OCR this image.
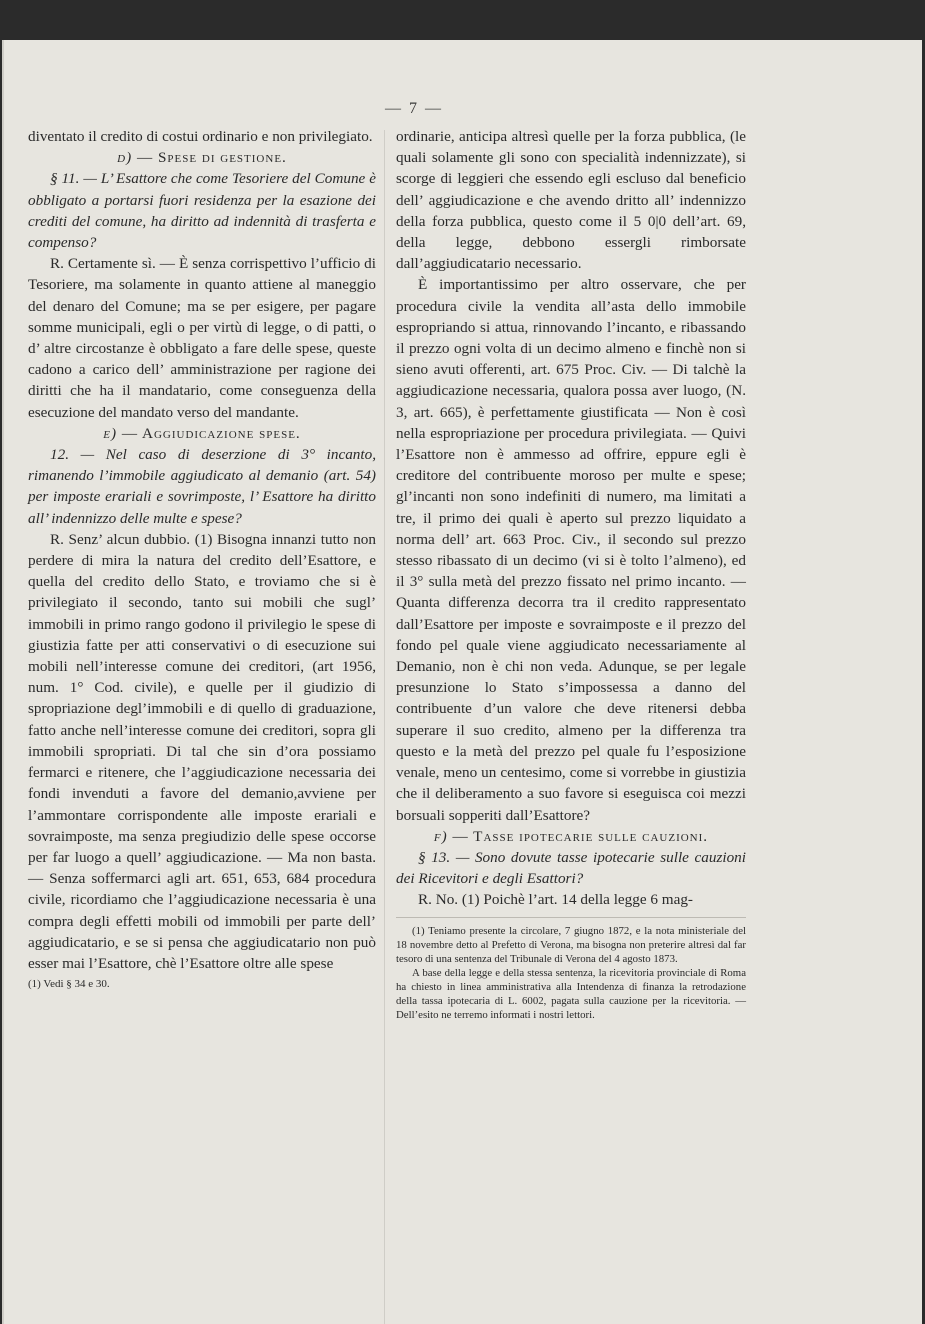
— 7 —

diventato il credito di costui ordinario e non privilegiato.

d) — Spese di gestione.

§ 11. — L’ Esattore che come Tesoriere del Comune è obbligato a portarsi fuori residenza per la esazione dei crediti del comune, ha diritto ad indennità di trasferta e compenso?

R. Certamente sì. — È senza corrispettivo l’ufficio di Tesoriere, ma solamente in quanto attiene al maneggio del denaro del Comune; ma se per esigere, per pagare somme municipali, egli o per virtù di legge, o di patti, o d’ altre circostanze è obbligato a fare delle spese, queste cadono a carico dell’ amministrazione per ragione dei diritti che ha il mandatario, come conseguenza della esecuzione del mandato verso del mandante.

e) — Aggiudicazione spese.

12. — Nel caso di deserzione di 3° incanto, rimanendo l’immobile aggiudicato al demanio (art. 54) per imposte erariali e sovrimposte, l’ Esattore ha diritto all’ indennizzo delle multe e spese?

R. Senz’ alcun dubbio. (1) Bisogna innanzi tutto non perdere di mira la natura del credito dell’Esattore, e quella del credito dello Stato, e troviamo che si è privilegiato il secondo, tanto sui mobili che sugl’ immobili in primo rango godono il privilegio le spese di giustizia fatte per atti conservativi o di esecuzione sui mobili nell’interesse comune dei creditori, (art 1956, num. 1° Cod. civile), e quelle per il giudizio di spropriazione degl’immobili e di quello di graduazione, fatto anche nell’interesse comune dei creditori, sopra gli immobili spropriati. Di tal che sin d’ora possiamo fermarci e ritenere, che l’aggiudicazione necessaria dei fondi invenduti a favore del demanio,avviene per l’ammontare corrispondente alle imposte erariali e sovraimposte, ma senza pregiudizio delle spese occorse per far luogo a quell’ aggiudicazione. — Ma non basta. — Senza soffermarci agli art. 651, 653, 684 procedura civile, ricordiamo che l’aggiudicazione necessaria è una compra degli effetti mobili od immobili per parte dell’ aggiudicatario, e se si pensa che aggiudicatario non può esser mai l’Esattore, chè l’Esattore oltre alle spese

(1) Vedi § 34 e 30.

ordinarie, anticipa altresì quelle per la forza pubblica, (le quali solamente gli sono con specialità indennizzate), si scorge di leggieri che essendo egli escluso dal beneficio dell’ aggiudicazione e che avendo dritto all’ indennizzo della forza pubblica, questo come il 5 0|0 dell’art. 69, della legge, debbono essergli rimborsate dall’aggiudicatario necessario.

È importantissimo per altro osservare, che per procedura civile la vendita all’asta dello immobile espropriando si attua, rinnovando l’incanto, e ribassando il prezzo ogni volta di un decimo almeno e finchè non si sieno avuti offerenti, art. 675 Proc. Civ. — Di talchè la aggiudicazione necessaria, qualora possa aver luogo, (N. 3, art. 665), è perfettamente giustificata — Non è così nella espropriazione per procedura privilegiata. — Quivi l’Esattore non è ammesso ad offrire, eppure egli è creditore del contribuente moroso per multe e spese; gl’incanti non sono indefiniti di numero, ma limitati a tre, il primo dei quali è aperto sul prezzo liquidato a norma dell’ art. 663 Proc. Civ., il secondo sul prezzo stesso ribassato di un decimo (vi si è tolto l’almeno), ed il 3° sulla metà del prezzo fissato nel primo incanto. — Quanta differenza decorra tra il credito rappresentato dall’Esattore per imposte e sovraimposte e il prezzo del fondo pel quale viene aggiudicato necessariamente al Demanio, non è chi non veda. Adunque, se per legale presunzione lo Stato s’impossessa a danno del contribuente d’un valore che deve ritenersi debba superare il suo credito, almeno per la differenza tra questo e la metà del prezzo pel quale fu l’esposizione venale, meno un centesimo, come si vorrebbe in giustizia che il deliberamento a suo favore si eseguisca coi mezzi borsuali sopperiti dall’Esattore?

f) — Tasse ipotecarie sulle cauzioni.

§ 13. — Sono dovute tasse ipotecarie sulle cauzioni dei Ricevitori e degli Esattori?

R. No. (1) Poichè l’art. 14 della legge 6 mag-

(1) Teniamo presente la circolare, 7 giugno 1872, e la nota ministeriale del 18 novembre detto al Prefetto di Verona, ma bisogna non preterire altresì dal far tesoro di una sentenza del Tribunale di Verona del 4 agosto 1873.

A base della legge e della stessa sentenza, la ricevitoria provinciale di Roma ha chiesto in linea amministrativa alla Intendenza di finanza la retrodazione della tassa ipotecaria di L. 6002, pagata sulla cauzione per la ricevitoria. — Dell’esito ne terremo informati i nostri lettori.
